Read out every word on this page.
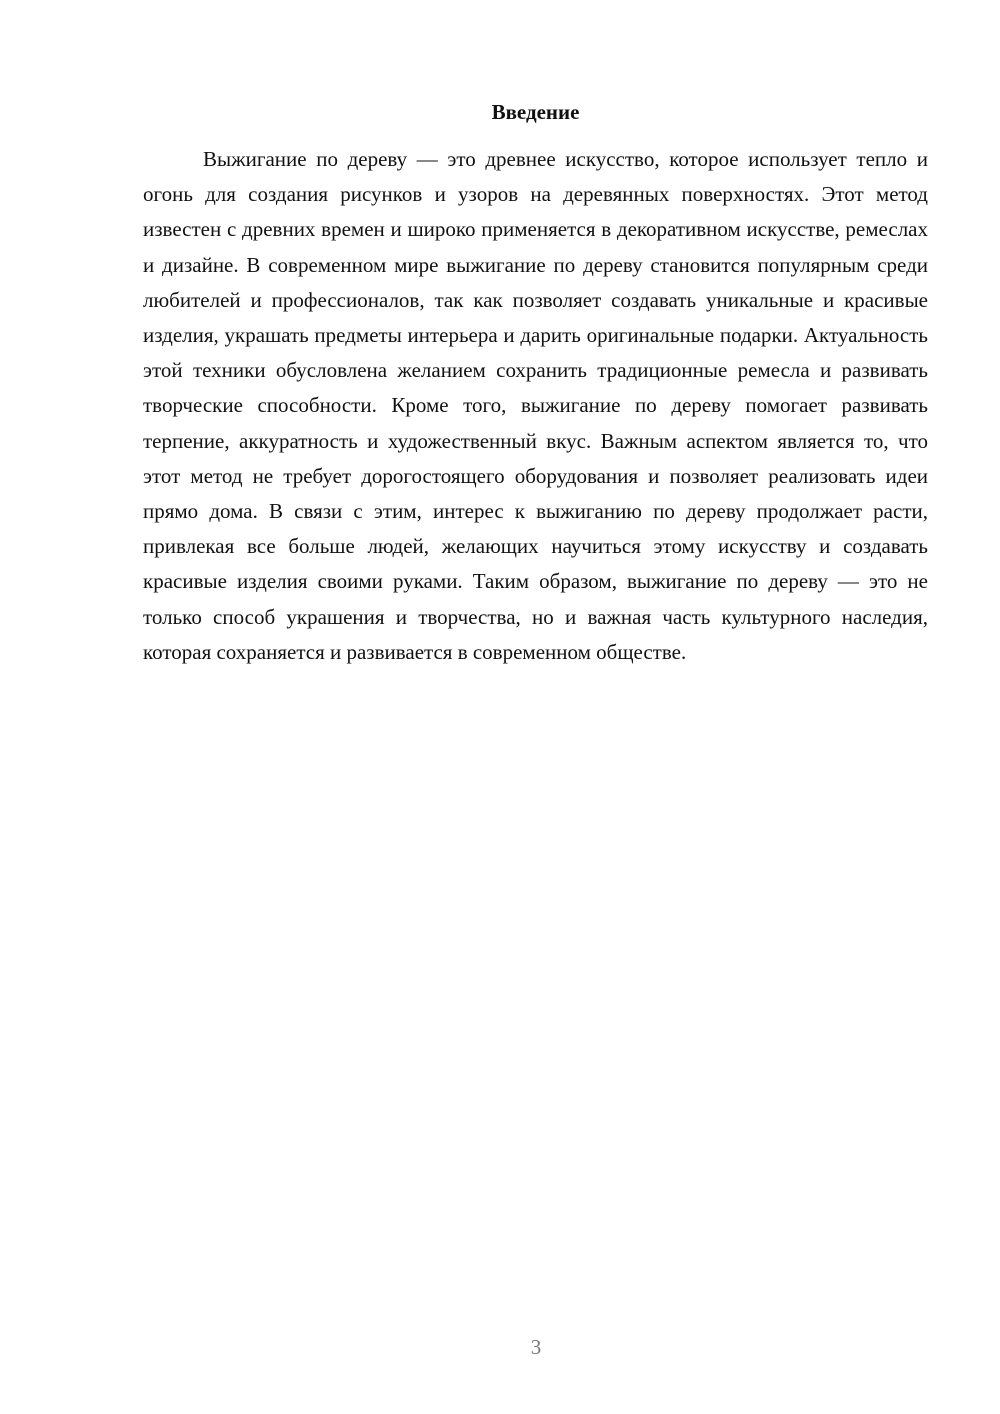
Введение

Выжигание по дереву — это древнее искусство, которое использует тепло и огонь для создания рисунков и узоров на деревянных поверхностях. Этот метод известен с древних времен и широко применяется в декоративном искусстве, ремеслах и дизайне. В современном мире выжигание по дереву становится популярным среди любителей и профессионалов, так как позволяет создавать уникальные и красивые изделия, украшать предметы интерьера и дарить оригинальные подарки. Актуальность этой техники обусловлена желанием сохранить традиционные ремесла и развивать творческие способности. Кроме того, выжигание по дереву помогает развивать терпение, аккуратность и художественный вкус. Важным аспектом является то, что этот метод не требует дорогостоящего оборудования и позволяет реализовать идеи прямо дома. В связи с этим, интерес к выжиганию по дереву продолжает расти, привлекая все больше людей, желающих научиться этому искусству и создавать красивые изделия своими руками. Таким образом, выжигание по дереву — это не только способ украшения и творчества, но и важная часть культурного наследия, которая сохраняется и развивается в современном обществе.

3
